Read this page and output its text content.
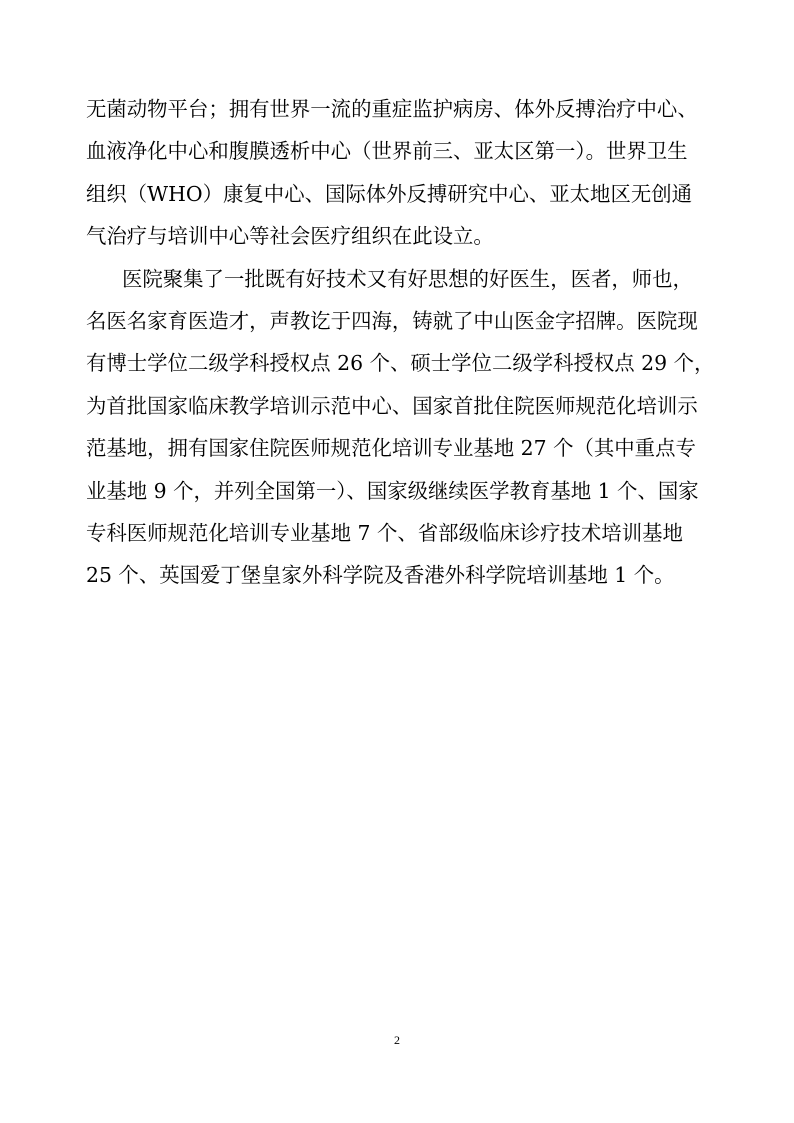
无菌动物平台；拥有世界一流的重症监护病房、体外反搏治疗中心、
血液净化中心和腹膜透析中心（世界前三、亚太区第一）。世界卫生
组织（WHO）康复中心、国际体外反搏研究中心、亚太地区无创通
气治疗与培训中心等社会医疗组织在此设立。
医院聚集了一批既有好技术又有好思想的好医生，医者，师也，
名医名家育医造才，声教讫于四海，铸就了中山医金字招牌。医院现
有博士学位二级学科授权点 26 个、硕士学位二级学科授权点 29 个，
为首批国家临床教学培训示范中心、国家首批住院医师规范化培训示
范基地，拥有国家住院医师规范化培训专业基地 27 个（其中重点专
业基地 9 个，并列全国第一）、国家级继续医学教育基地 1 个、国家
专科医师规范化培训专业基地 7 个、省部级临床诊疗技术培训基地
25 个、英国爱丁堡皇家外科学院及香港外科学院培训基地 1 个。
2
